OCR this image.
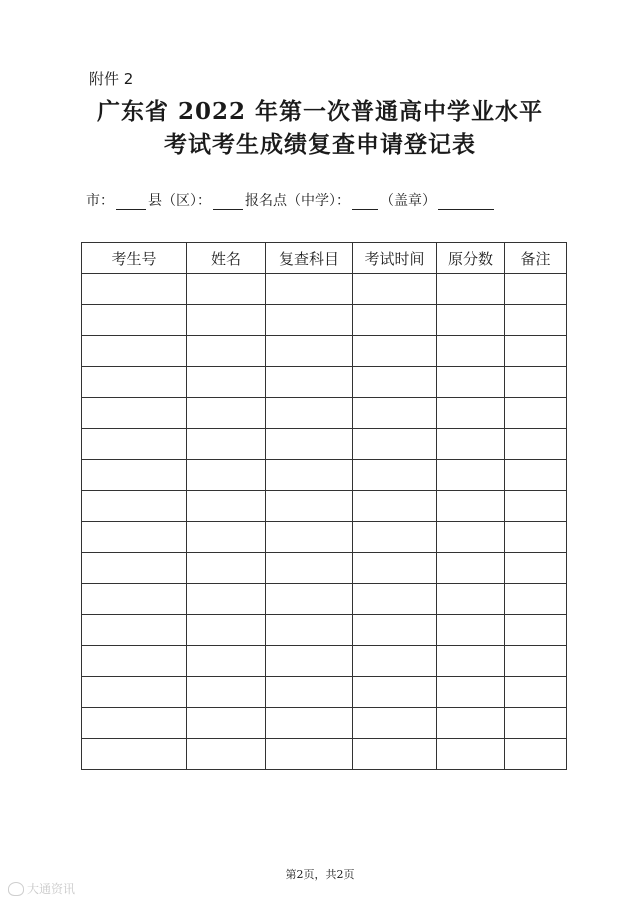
附件 2
广东省 2022 年第一次普通高中学业水平
考试考生成绩复查申请登记表
市： 县（区）： 报名点（中学）： （盖章）
考生号	姓名	复查科目	考试时间	原分数	备注

第2页，共2页
大通资讯
